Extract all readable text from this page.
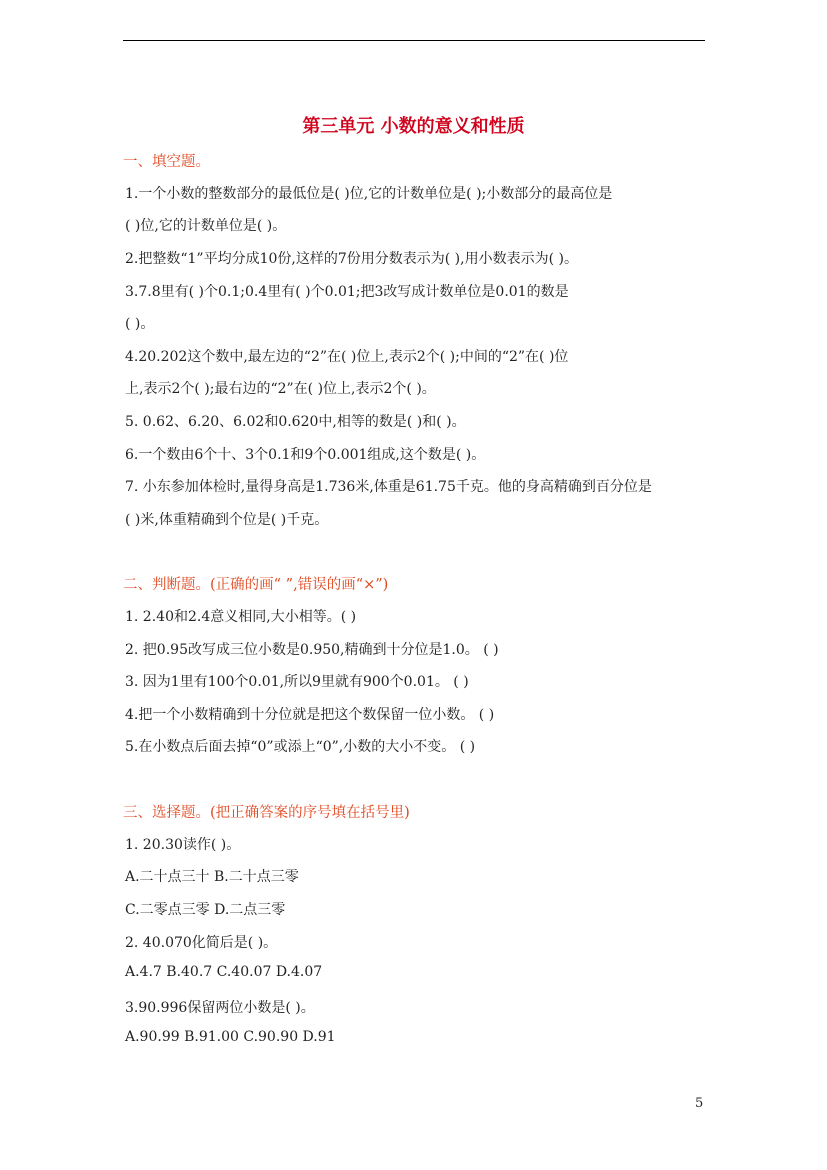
第三单元 小数的意义和性质
一、填空题。
1.一个小数的整数部分的最低位是( )位,它的计数单位是( );小数部分的最高位是
( )位,它的计数单位是( )。
2.把整数“1”平均分成10份,这样的7份用分数表示为( ),用小数表示为( )。
3.7.8里有( )个0.1;0.4里有( )个0.01;把3改写成计数单位是0.01的数是
( )。
4.20.202这个数中,最左边的“2”在( )位上,表示2个( );中间的“2”在( )位
上,表示2个( );最右边的“2”在( )位上,表示2个( )。
5. 0.62、6.20、6.02和0.620中,相等的数是( )和( )。
6.一个数由6个十、3个0.1和9个0.001组成,这个数是( )。
7. 小东参加体检时,量得身高是1.736米,体重是61.75千克。他的身高精确到百分位是
( )米,体重精确到个位是( )千克。
二、判断题。(正确的画“ ”,错误的画“×”)
1. 2.40和2.4意义相同,大小相等。( )
2. 把0.95改写成三位小数是0.950,精确到十分位是1.0。 ( )
3. 因为1里有100个0.01,所以9里就有900个0.01。 ( )
4.把一个小数精确到十分位就是把这个数保留一位小数。 ( )
5.在小数点后面去掉“0”或添上“0”,小数的大小不变。 ( )
三、选择题。(把正确答案的序号填在括号里)
1. 20.30读作( )。
A.二十点三十 B.二十点三零
C.二零点三零 D.二点三零
2. 40.070化简后是( )。
A.4.7 B.40.7 C.40.07 D.4.07
3.90.996保留两位小数是( )。
A.90.99 B.91.00 C.90.90 D.91
5
